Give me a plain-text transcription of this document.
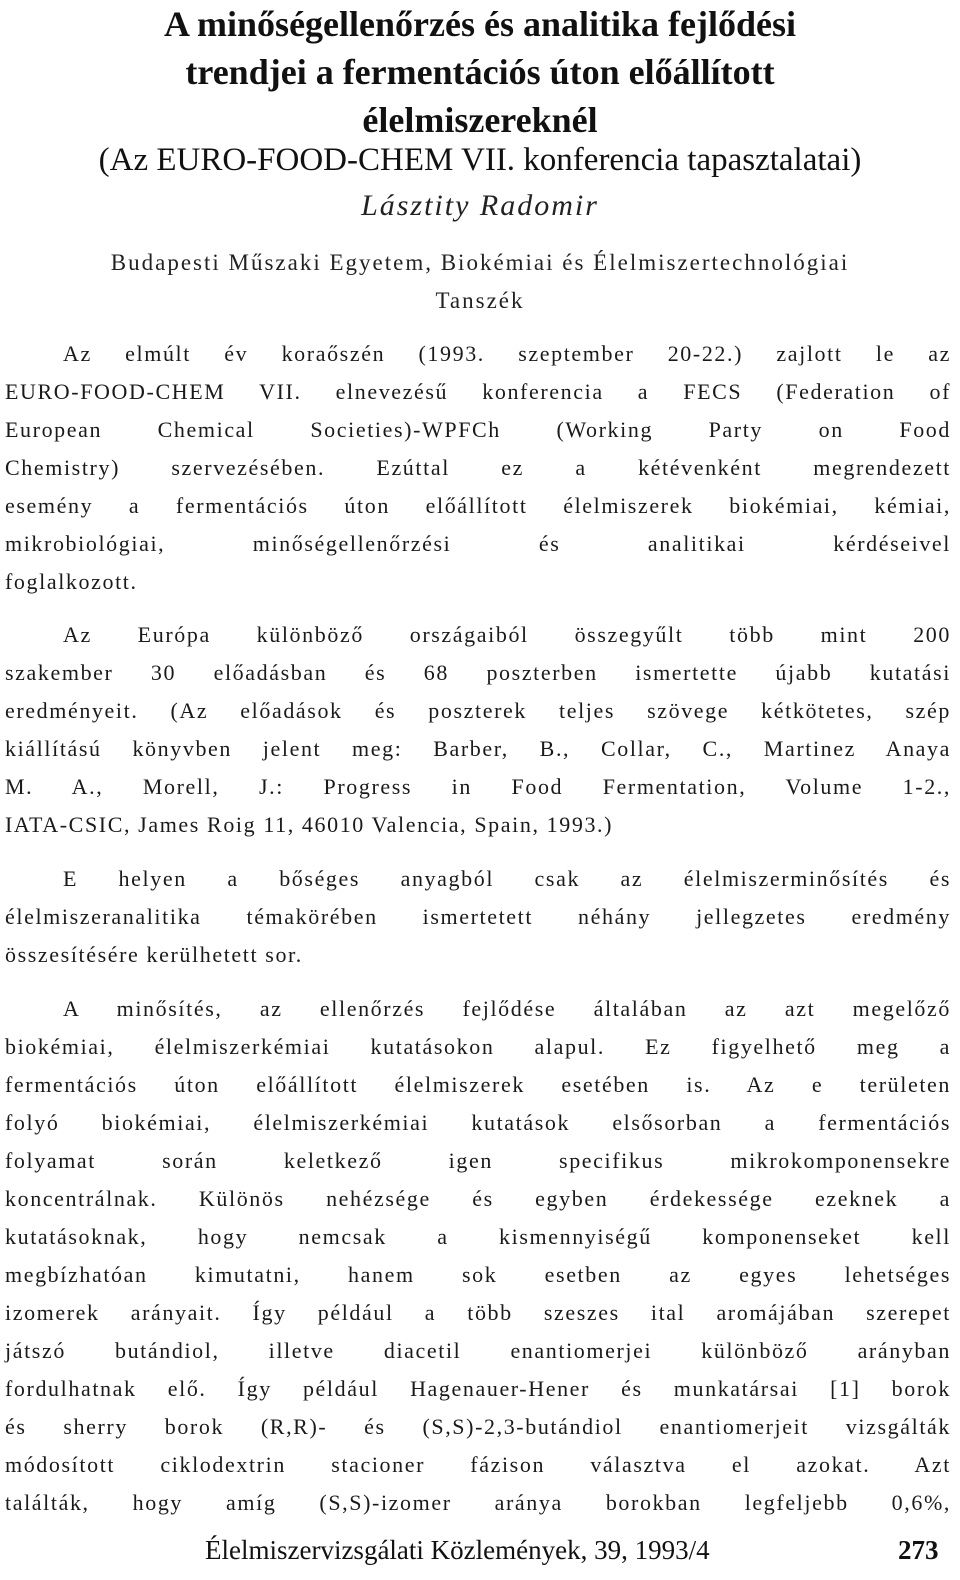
A minőségellenőrzés és analitika fejlődési
trendjei a fermentációs úton előállított
élelmiszereknél
(Az EURO-FOOD-CHEM VII. konferencia tapasztalatai)
Lásztity Radomir
Budapesti Műszaki Egyetem, Biokémiai és Élelmiszertechnológiai
Tanszék
Az elmúlt év koraőszén (1993. szeptember 20-22.) zajlott le az
EURO-FOOD-CHEM VII. elnevezésű konferencia a FECS (Federation of
European Chemical Societies)-WPFCh (Working Party on Food
Chemistry) szervezésében. Ezúttal ez a kétévenként megrendezett
esemény a fermentációs úton előállított élelmiszerek biokémiai, kémiai,
mikrobiológiai, minőségellenőrzési és analitikai kérdéseivel
foglalkozott.
Az Európa különböző országaiból összegyűlt több mint 200
szakember 30 előadásban és 68 poszterben ismertette újabb kutatási
eredményeit. (Az előadások és poszterek teljes szövege kétkötetes, szép
kiállítású könyvben jelent meg: Barber, B., Collar, C., Martinez Anaya
M. A., Morell, J.: Progress in Food Fermentation, Volume 1-2.,
IATA-CSIC, James Roig 11, 46010 Valencia, Spain, 1993.)
E helyen a bőséges anyagból csak az élelmiszerminősítés és
élelmiszeranalitika témakörében ismertetett néhány jellegzetes eredmény
összesítésére kerülhetett sor.
A minősítés, az ellenőrzés fejlődése általában az azt megelőző
biokémiai, élelmiszerkémiai kutatásokon alapul. Ez figyelhető meg a
fermentációs úton előállított élelmiszerek esetében is. Az e területen
folyó biokémiai, élelmiszerkémiai kutatások elsősorban a fermentációs
folyamat során keletkező igen specifikus mikrokomponensekre
koncentrálnak. Különös nehézsége és egyben érdekessége ezeknek a
kutatásoknak, hogy nemcsak a kismennyiségű komponenseket kell
megbízhatóan kimutatni, hanem sok esetben az egyes lehetséges
izomerek arányait. Így például a több szeszes ital aromájában szerepet
játszó butándiol, illetve diacetil enantiomerjei különböző arányban
fordulhatnak elő. Így például Hagenauer-Hener és munkatársai [1] borok
és sherry borok (R,R)- és (S,S)-2,3-butándiol enantiomerjeit vizsgálták
módosított ciklodextrin stacioner fázison választva el azokat. Azt
találták, hogy amíg (S,S)-izomer aránya borokban legfeljebb 0,6%,
Élelmiszervizsgálati Közlemények, 39, 1993/4	273
